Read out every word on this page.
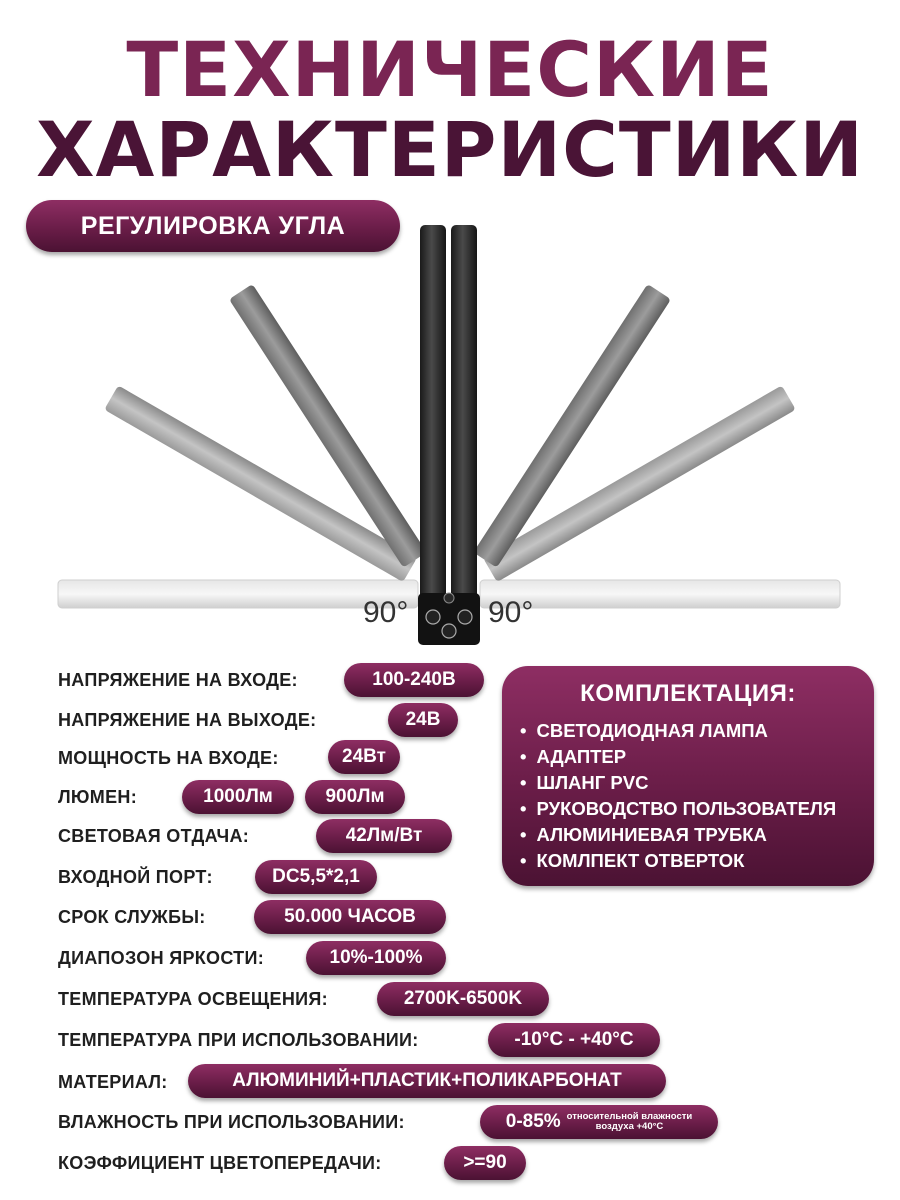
ТЕХНИЧЕСКИЕ
ХАРАКТЕРИСТИКИ
РЕГУЛИРОВКА УГЛА
90°	90°
НАПРЯЖЕНИЕ НА ВХОДЕ:	100-240В
НАПРЯЖЕНИЕ НА ВЫХОДЕ:	24В
МОЩНОСТЬ НА ВХОДЕ:	24Вт
ЛЮМЕН:	1000Лм	900Лм
СВЕТОВАЯ ОТДАЧА:	42Лм/Вт
ВХОДНОЙ ПОРТ:	DC5,5*2,1
СРОК СЛУЖБЫ:	50.000 ЧАСОВ
ДИАПОЗОН ЯРКОСТИ:	10%-100%
ТЕМПЕРАТУРА ОСВЕЩЕНИЯ:	2700K-6500K
ТЕМПЕРАТУРА ПРИ ИСПОЛЬЗОВАНИИ:	-10°C - +40°C
МАТЕРИАЛ:	АЛЮМИНИЙ+ПЛАСТИК+ПОЛИКАРБОНАТ
ВЛАЖНОСТЬ ПРИ ИСПОЛЬЗОВАНИИ:	0-85% относительной влажности
воздуха +40°C
КОЭФФИЦИЕНТ ЦВЕТОПЕРЕДАЧИ:	>=90
КОМПЛЕКТАЦИЯ:
• СВЕТОДИОДНАЯ ЛАМПА
• АДАПТЕР
• ШЛАНГ PVC
• РУКОВОДСТВО ПОЛЬЗОВАТЕЛЯ
• АЛЮМИНИЕВАЯ ТРУБКА
• КОМЛПЕКТ ОТВЕРТОК
